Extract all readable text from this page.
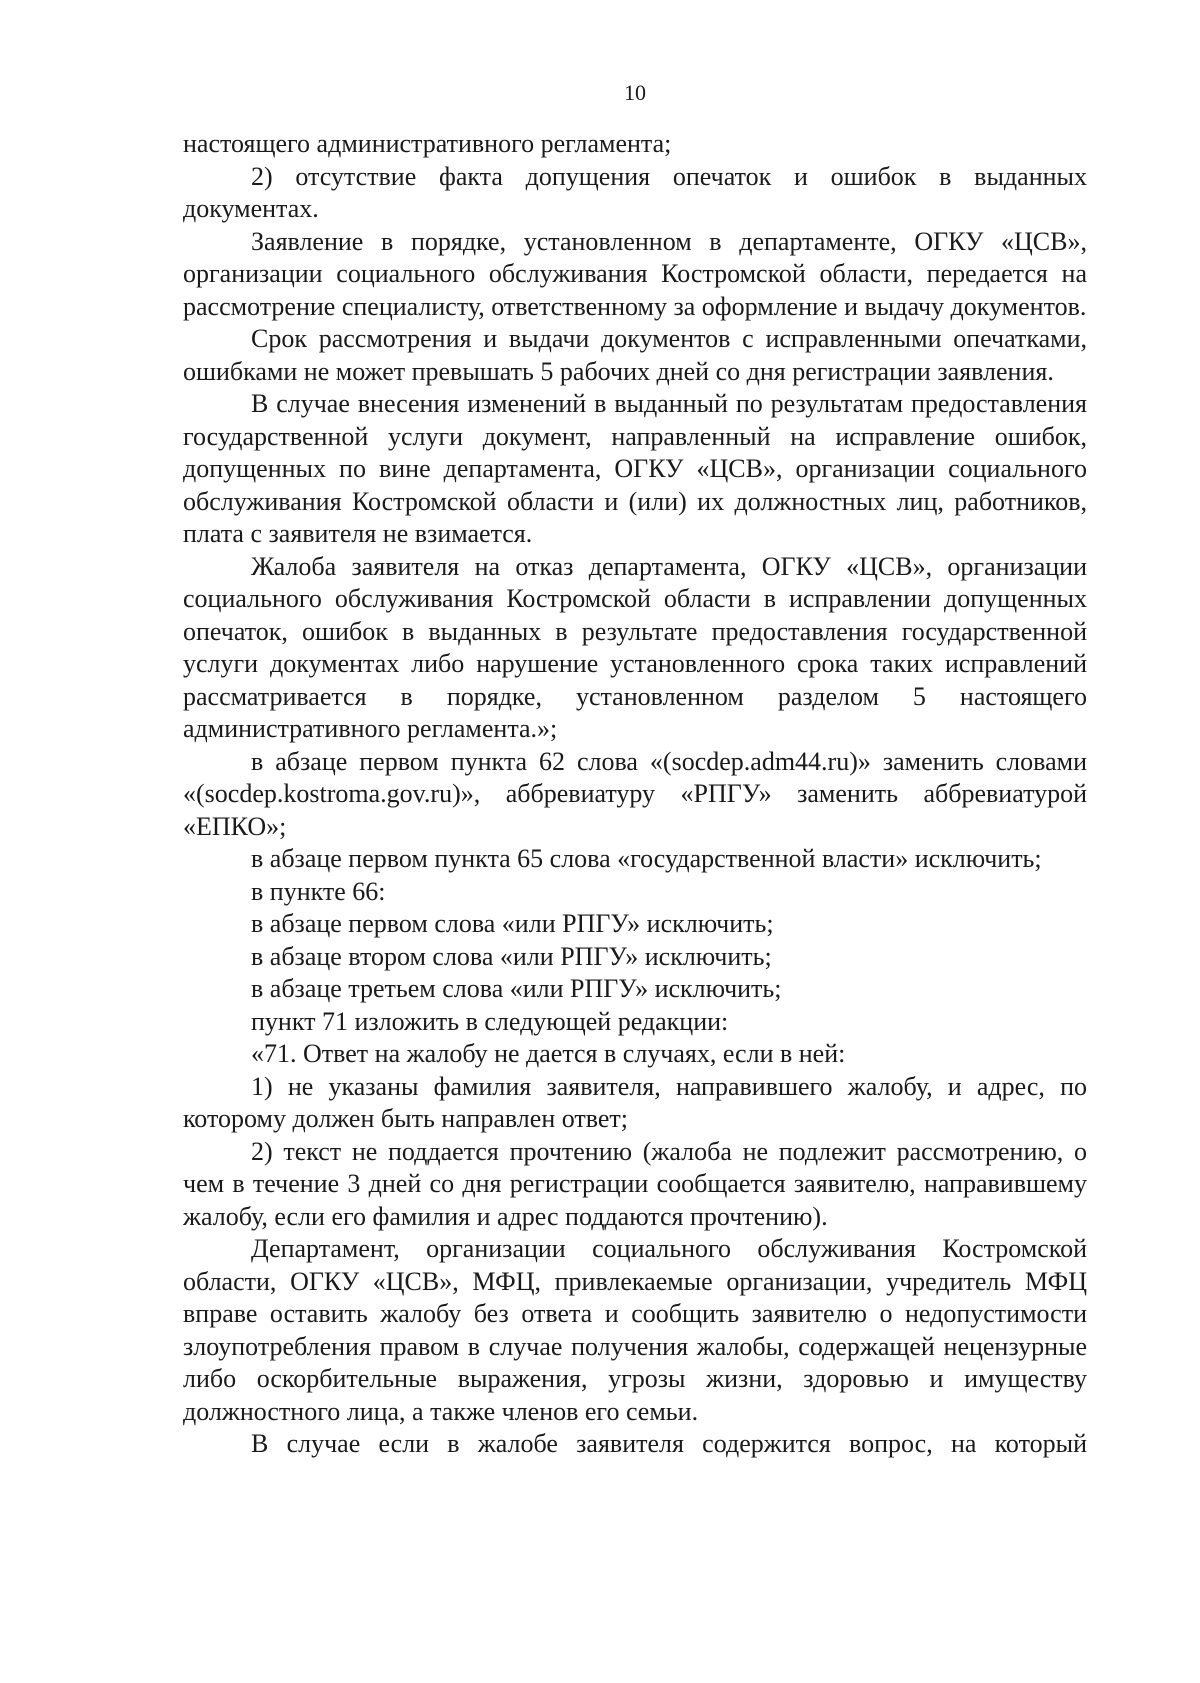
10

настоящего административного регламента;

2) отсутствие факта допущения опечаток и ошибок в выданных документах.

Заявление в порядке, установленном в департаменте, ОГКУ «ЦСВ», организации социального обслуживания Костромской области, передается на рассмотрение специалисту, ответственному за оформление и выдачу документов.

Срок рассмотрения и выдачи документов с исправленными опечатками, ошибками не может превышать 5 рабочих дней со дня регистрации заявления.

В случае внесения изменений в выданный по результатам предоставления государственной услуги документ, направленный на исправление ошибок, допущенных по вине департамента, ОГКУ «ЦСВ», организации социального обслуживания Костромской области и (или) их должностных лиц, работников, плата с заявителя не взимается.

Жалоба заявителя на отказ департамента, ОГКУ «ЦСВ», организации социального обслуживания Костромской области в исправлении допущенных опечаток, ошибок в выданных в результате предоставления государственной услуги документах либо нарушение установленного срока таких исправлений рассматривается в порядке, установленном разделом 5 настоящего административного регламента.»;

в абзаце первом пункта 62 слова «(socdep.adm44.ru)» заменить словами «(socdep.kostroma.gov.ru)», аббревиатуру «РПГУ» заменить аббревиатурой «ЕПКО»;

в абзаце первом пункта 65 слова «государственной власти» исключить;

в пункте 66:

в абзаце первом слова «или РПГУ» исключить;

в абзаце втором слова «или РПГУ» исключить;

в абзаце третьем слова «или РПГУ» исключить;

пункт 71 изложить в следующей редакции:

«71. Ответ на жалобу не дается в случаях, если в ней:

1) не указаны фамилия заявителя, направившего жалобу, и адрес, по которому должен быть направлен ответ;

2) текст не поддается прочтению (жалоба не подлежит рассмотрению, о чем в течение 3 дней со дня регистрации сообщается заявителю, направившему жалобу, если его фамилия и адрес поддаются прочтению).

Департамент, организации социального обслуживания Костромской области, ОГКУ «ЦСВ», МФЦ, привлекаемые организации, учредитель МФЦ вправе оставить жалобу без ответа и сообщить заявителю о недопустимости злоупотребления правом в случае получения жалобы, содержащей нецензурные либо оскорбительные выражения, угрозы жизни, здоровью и имуществу должностного лица, а также членов его семьи.

В случае если в жалобе заявителя содержится вопрос, на который
